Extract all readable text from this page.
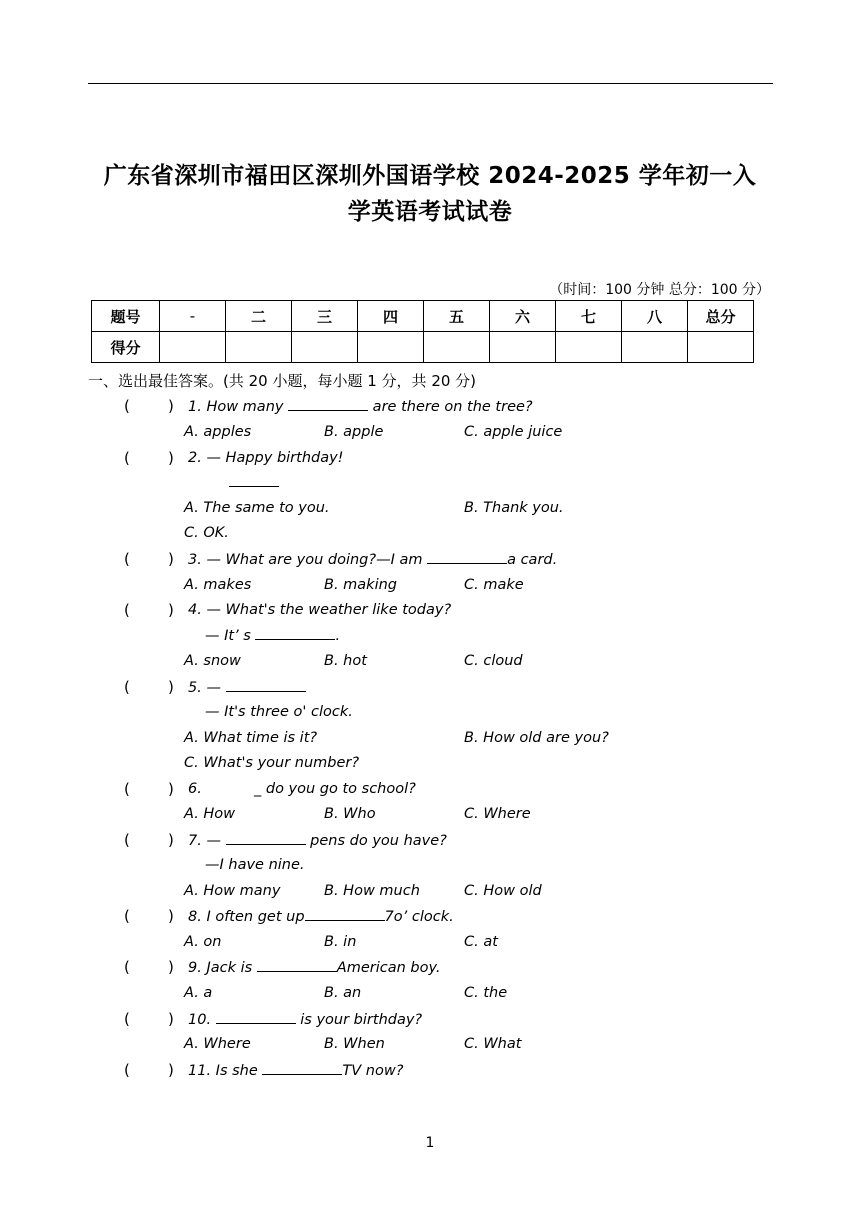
广东省深圳市福田区深圳外国语学校 2024-2025 学年初一入
学英语考试试卷
（时间：100 分钟 总分：100 分）
题号	-	二	三	四	五	六	七	八	总分
得分									
一、选出最佳答案。(共 20 小题，每小题 1 分，共 20 分)
(        ) 1. How many	are there on the tree?
A. apples	B. apple	C. apple juice
(        ) 2. — Happy birthday!
A. The same to you.	B. Thank you.
C. OK.
(        ) 3. — What are you doing?—I am	a card.
A. makes	B. making	C. make
(        ) 4. — What's the weather like today?
— It’ s	.
A. snow	B. hot	C. cloud
(        ) 5. —
— It's three o' clock.
A. What time is it?	B. How old are you?
C. What's your number?
(        ) 6.	_ do you go to school?
A. How	B. Who	C. Where
(        ) 7. —	pens do you have?
—I have nine.
A. How many	B. How much	C. How old
(        ) 8. I often get up	7o’ clock.
A. on	B. in	C. at
(        ) 9. Jack is	American boy.
A. a	B. an	C. the
(        ) 10.	is your birthday?
A. Where	B. When	C. What
(        ) 11. Is she	TV now?
1
